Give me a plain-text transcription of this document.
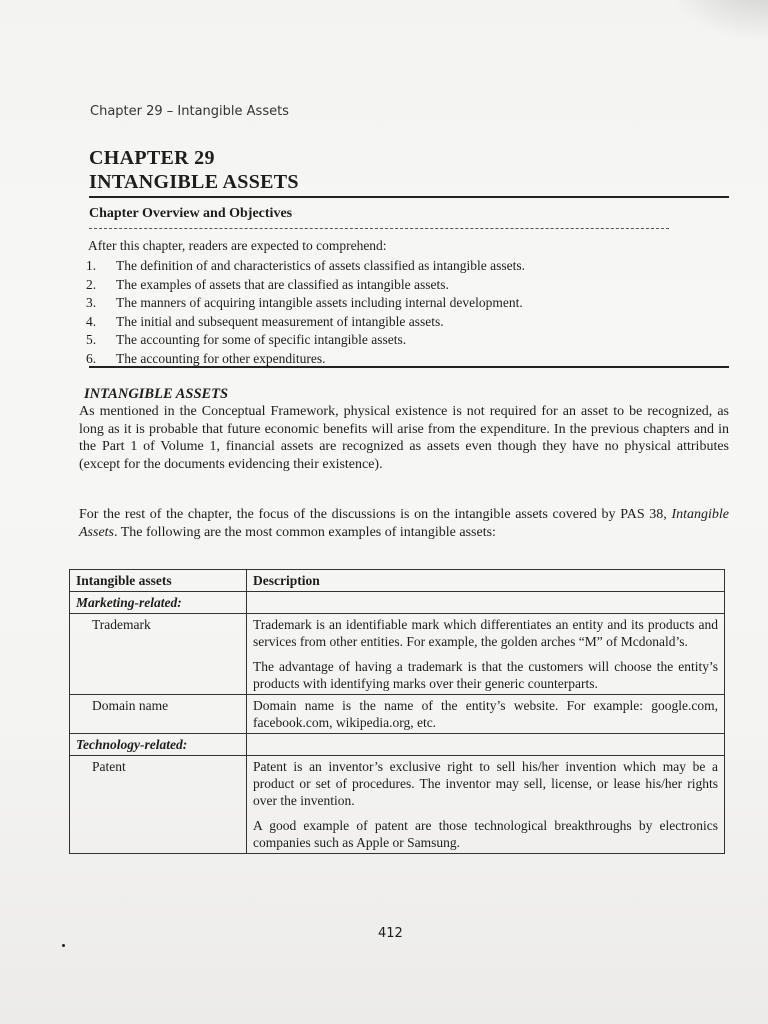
Chapter 29 – Intangible Assets
CHAPTER 29
INTANGIBLE ASSETS
Chapter Overview and Objectives
After this chapter, readers are expected to comprehend:
1.	The definition of and characteristics of assets classified as intangible assets.
2.	The examples of assets that are classified as intangible assets.
3.	The manners of acquiring intangible assets including internal development.
4.	The initial and subsequent measurement of intangible assets.
5.	The accounting for some of specific intangible assets.
6.	The accounting for other expenditures.
INTANGIBLE ASSETS
As mentioned in the Conceptual Framework, physical existence is not required for an asset to be recognized, as long as it is probable that future economic benefits will arise from the expenditure. In the previous chapters and in the Part 1 of Volume 1, financial assets are recognized as assets even though they have no physical attributes (except for the documents evidencing their existence).
For the rest of the chapter, the focus of the discussions is on the intangible assets covered by PAS 38, Intangible Assets. The following are the most common examples of intangible assets:
Intangible assets	Description
Marketing-related:	
Trademark	Trademark is an identifiable mark which differentiates an entity and its products and services from other entities. For example, the golden arches “M” of Mcdonald’s.

The advantage of having a trademark is that the customers will choose the entity’s products with identifying marks over their generic counterparts.

Domain name	Domain name is the name of the entity’s website. For example: google.com, facebook.com, wikipedia.org, etc.

Technology-related:	
Patent	Patent is an inventor’s exclusive right to sell his/her invention which may be a product or set of procedures. The inventor may sell, license, or lease his/her rights over the invention.

A good example of patent are those technological breakthroughs by electronics companies such as Apple or Samsung.

412
